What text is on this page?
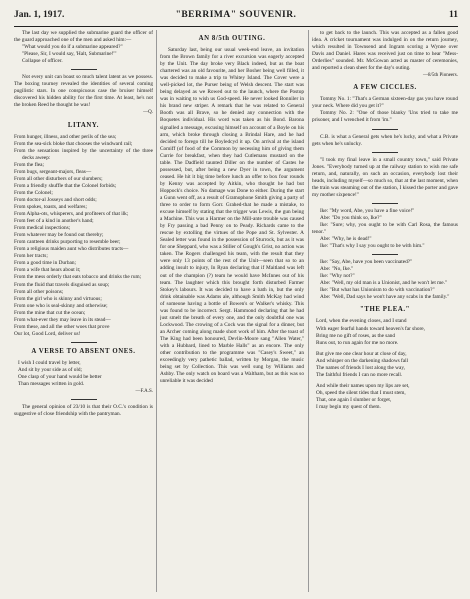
Jan. 1, 1917.	"BERRIMA" SOUVENIR.	11

The last day we supplied the submarine guard the officer of the guard approached one of the men and asked him:—

"What would you do if a submarine appeared?"

"Please, Sir, I would say, 'Halt, Submarine!'"

Collapse of officer.

Not every unit can boast so much talent latent as we possess. The boxing tourney revealed the identities of several coming pugilistic stars. In one conspicuous case the bruiser himself discovered his hidden ability for the first time. At least, he's not the broken Reed he thought he was!

—Q.

LITANY.

From hunger, illness, and other perils of the sea;

From the sea-sick bloke that chooses the windward rail;

From the sensations inspired by the uncertainty of the three decks aweep:

From the flea;

From bugs, sergeant-majors, fleas—

From all other disturbers of our slumbers;

From a friendly shuffle that the Colonel forbids;

From the Colonel;

From doctor-al Josseys and short odds;

From spokes, toasts, and welfares;

From Alpha-ots, whisperers, and profiteers of that ilk;

From feet of a kind in another's hand;

From medical inspections;

From whatever may be found out thereby;

From cantteen drinks purporting to resemble beer;

From a religious maiden aunt who distributes tracts—

From her tracts;

From a good time in Durban;

From a wife that hears about it;

From the mess orderly that eats tobacco and drinks the rum;

From the fluid that travels disguised as soup;

From all other poisons;

From the girl who is skinny and virtuous;

From one who is seal-skinny and otherwise;

From the mine that cut the ocean;

From what-ever they may leave in its stead—

From these, and all the other woes that prove

Our lot, Good Lord, deliver us!

A VERSE TO ABSENT ONES.

I wish I could travel by letter,

And sit by your side as of old;

One clasp of your hand would be better

Than messages written in gold.

—F.A.S.

The general opinion of 23/10 is that their O.C.'s condition is suggestive of close friendship with the pantryman.

AN 8/5th OUTING.

Saturday last, being our usual week-end leave, an invitation from the Brown family for a river excursion was eagerly accepted by the Unit. The day broke very Black indeed, but as the boat chartered was an old favourite, and her Bosher being well filled, it was decided to make a trip to Whitey Island. The Cover were a well-picked lot, the Purser being of Welsh descent. The start was being delayed as we Rowed out to the launch, where the Postop was in waiting to wish us God-speed. He never looked Bonniler in his brand new striper. A remark that he was related to General Booth was all Brave, so he denied any connection with the Boquetes individual. His word was taken as his Bond. Barona signalled a message, excusing himself on account of a Boyle on his arm, which broke through closing a Brindal Hare, and he had decided to forego till he Boyledcyd it up. On arrival at the island Comiff (of food of the Common by necessing him of giving them Currie for breakfast, when they had Cutlemans mustard on the table. The Dadfield taunted Diller on the number of Castes he possessed, but, after being a new Dyer in town, the argument ceased. He hit it big time before lunch an offer to box four rounds by Kenny was accepted by Aitkin, who thought he had but Hoppock's choice. No damage was Done to either. During the start a Gunn went off, as a result of Gramophone Smith giving a party of three to order to form Gorr. Grahed-that he made a mistake, to excuse himself by stating that the trigger was Lewis, the gun being a Machine. This was a Harmer on the Mill-ante trouble was caused by Fry passing a bad Penny on to Peady. Richards came to the rescue by extolling the virtues of the Pope and St. Sylvester. A Sealed letter was found in the possession of Sturrock, but as it was for one Sheppard, who was a Stiller of Gough's Grist, no action was taken. The Rogers challenged his team, with the result that they were only 13 points of the rest of the Unit—seen that so to an adding insult to injury, In Ryan declaring that if Maitland was left out of the champion (?) team he would have McInnes out of his team. The laughter which this brought forth disturbed Farmer Stokey's labours. It was decided to have a bath in, but the only drink obtainable was Adams ale, although Smith McKay had wind of someone having a bottle of Bowen's or Walker's whisky. This was found to be incorrect. Sergt. Hammond declaring that he had just smelt the breath of every one, and the only doubtful one was Lockwood. The crowing of a Cock was the signal for a dinner, but an Archer coming along made short work of him. After the toast of The King had been honoured, Devlin-Moore sang "Allen Water," with a Hubbard, lined to Marble Halls" as an encore. The only other contribution to the programme was "Casey's Sweet," an exceedingly very pathetic ballad, written by Morgan, the music being set by Collection. This was well sung by Williams and Ashby. The only watch on board was a Waltham, but as this was so unreliable it was decided

to get back to the launch. This was accepted as a fallen good idea. A cricket tournament was indulged in on the return journey, which resulted in Townsend and Ingram scoring a Wynne over Davis and Daniel. Hares was received just on time to hear "Mess-Orderlies" sounded. Mr. McGowan acted as master of ceremonies, and reported a clean sheet for the day's outing.

—8/5th Pioneers.

A FEW CICCLES.

Tommy No. 1: "That's a German sixteen-day gas you have round your neck. Where did you get it?"

Tommy No. 2: "One of those blanky 'Uns tried to take me prisoner, and I wrenched it from 'im."

C.B. is what a General gets when he's lucky, and what a Private gets when he's unlucky.

"I took my final leave in a small country town," said Private Jones. "Everybody turned up at the railway station to wish me safe return, and, naturally, on such an occasion, everybody lost their heads, including myself—so much so, that at the last moment, when the train was steaming out of the station, I kissed the porter and gave my mother sixpence!"

Ike: "My word, Abe, you have a fine voice!"

Abe: "Do you think so, Ike?"

Ike: "Sure; why, you ought to be with Carl Rosa, the famous tenor."

Abe: "Why, he is dead!"

Ike: "That's why I say you ought to be with him."

Ike: "Say, Abe, have you been vaccinated?"

Abe: "No, Ike."

Ike: "Why not?"

Abe: "Well, my old man is a Unionist, and he won't let me."

Ike: "But what has Unionism to do with vaccination?"

Abe: "Well, Dad says he won't have any scabs in the family."

"THE PLEA."

Lord, when the evening closes, and I stand

With eager fearful hands toward heaven's far shore,

Bring me no gift of roses, as the sand

Runs out, to run again for me no more.

But give me one clear hour at close of day,

And whisper on the darkening shadows fall

The names of friends I lost along the way,

The faithful friends I can no more recall.

And while their names upon my lips are set,

Oh, speed the silent tides that I must stem,

That, one again I slumber or forget,

I may begin my quest of them.
